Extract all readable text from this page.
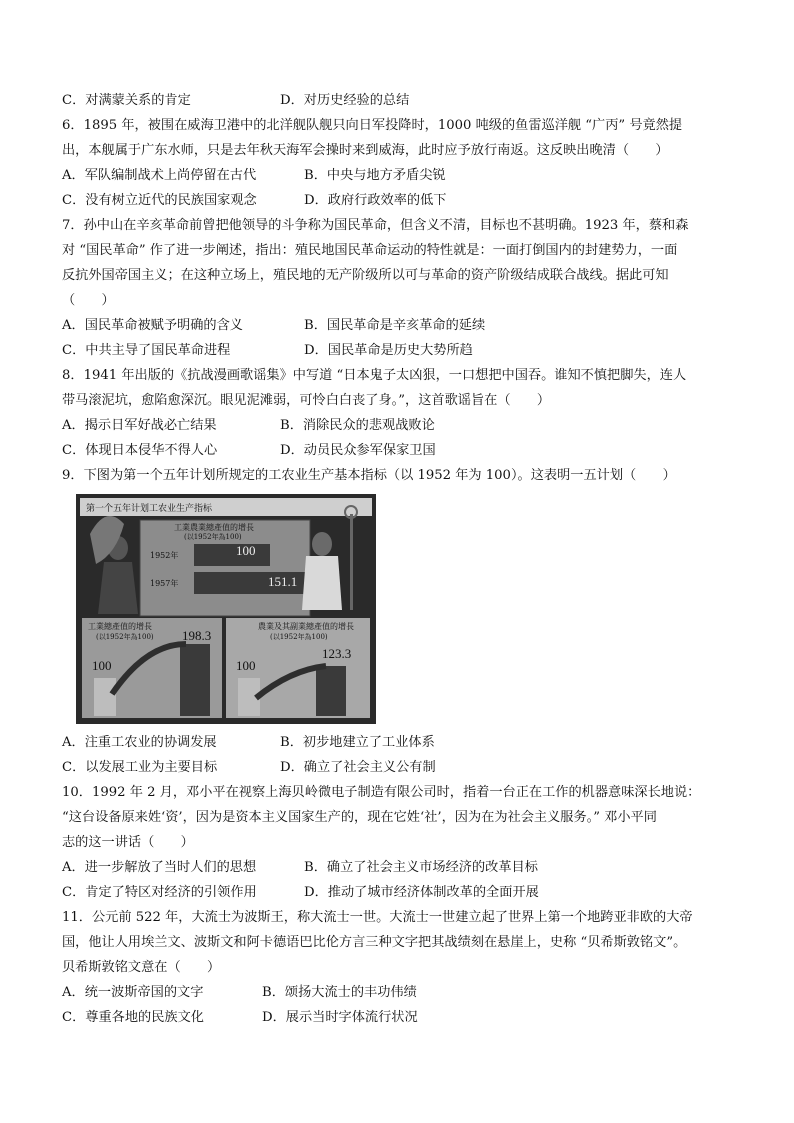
C．对满蒙关系的肯定	D．对历史经验的总结
6．1895 年，被围在威海卫港中的北洋舰队舰只向日军投降时，1000 吨级的鱼雷巡洋舰 “广丙” 号竟然提
出，本舰属于广东水师，只是去年秋天海军会操时来到威海，此时应予放行南返。这反映出晚清（　　）
A．军队编制战术上尚停留在古代	B．中央与地方矛盾尖锐
C．没有树立近代的民族国家观念	D．政府行政效率的低下
7．孙中山在辛亥革命前曾把他领导的斗争称为国民革命，但含义不清，目标也不甚明确。1923 年，蔡和森
对 “国民革命” 作了进一步阐述，指出：殖民地国民革命运动的特性就是：一面打倒国内的封建势力，一面
反抗外国帝国主义；在这种立场上，殖民地的无产阶级所以可与革命的资产阶级结成联合战线。据此可知
（　　）
A．国民革命被赋予明确的含义	B．国民革命是辛亥革命的延续
C．中共主导了国民革命进程	D．国民革命是历史大势所趋
8．1941 年出版的《抗战漫画歌谣集》中写道 “日本鬼子太凶狠，一口想把中国吞。谁知不慎把脚失，连人
带马滚泥坑，愈陷愈深沉。眼见泥滩弱，可怜白白丧了身。”，这首歌谣旨在（　　）
A．揭示日军好战必亡结果	B．消除民众的悲观战败论
C．体现日本侵华不得人心	D．动员民众参军保家卫国
9．下图为第一个五年计划所规定的工农业生产基本指标（以 1952 年为 100）。这表明一五计划（　　）
第一个五年计划工农业生产指标
工業農業總產值的增長
(以1952年為100)
1952年	100
1957年	151.1
工業總產值的增長
(以1952年為100) 198.3
100
農業及其副業總產值的增長
(以1952年為100)
123.3
100
A．注重工农业的协调发展	B．初步地建立了工业体系
C．以发展工业为主要目标	D．确立了社会主义公有制
10．1992 年 2 月，邓小平在视察上海贝岭微电子制造有限公司时，指着一台正在工作的机器意味深长地说：
“这台设备原来姓‘资’，因为是资本主义国家生产的，现在它姓‘社’，因为在为社会主义服务。” 邓小平同
志的这一讲话（　　）
A．进一步解放了当时人们的思想	B．确立了社会主义市场经济的改革目标
C．肯定了特区对经济的引领作用	D．推动了城市经济体制改革的全面开展
11．公元前 522 年，大流士为波斯王，称大流士一世。大流士一世建立起了世界上第一个地跨亚非欧的大帝
国，他让人用埃兰文、波斯文和阿卡德语巴比伦方言三种文字把其战绩刻在悬崖上，史称 “贝希斯敦铭文”。
贝希斯敦铭文意在（　　）
A．统一波斯帝国的文字	B．颂扬大流士的丰功伟绩
C．尊重各地的民族文化	D．展示当时字体流行状况
